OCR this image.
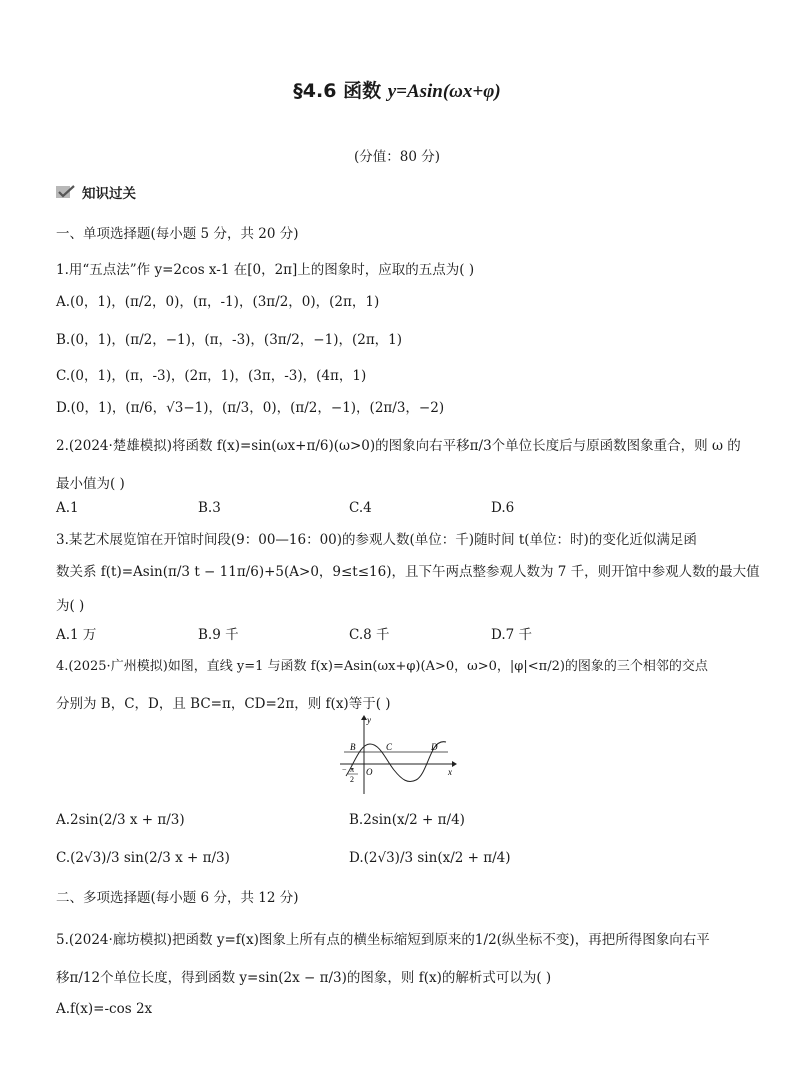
§4.6 函数 y=Asin(ωx+φ)
(分值：80 分)
知识过关
一、单项选择题(每小题 5 分，共 20 分)
1.用“五点法”作 y=2cos x-1 在[0，2π]上的图象时，应取的五点为( )
A.(0，1)，(π/2，0)，(π，-1)，(3π/2，0)，(2π，1)
B.(0，1)，(π/2，−1)，(π，-3)，(3π/2，−1)，(2π，1)
C.(0，1)，(π，-3)，(2π，1)，(3π，-3)，(4π，1)
D.(0，1)，(π/6，√3−1)，(π/3，0)，(π/2，−1)，(2π/3，−2)
2.(2024·楚雄模拟)将函数 f(x)=sin(ωx+π/6)(ω>0)的图象向右平移π/3个单位长度后与原函数图象重合，则 ω 的
最小值为( )
A.1	B.3	C.4	D.6
3.某艺术展览馆在开馆时间段(9：00—16：00)的参观人数(单位：千)随时间 t(单位：时)的变化近似满足函
数关系 f(t)=Asin(π/3 t − 11π/6)+5(A>0，9≤t≤16)，且下午两点整参观人数为 7 千，则开馆中参观人数的最大值
为( )
A.1 万	B.9 千	C.8 千	D.7 千
4.(2025·广州模拟)如图，直线 y=1 与函数 f(x)=Asin(ωx+φ)(A>0，ω>0，|φ|<π/2)的图象的三个相邻的交点
分别为 B，C，D，且 BC=π，CD=2π，则 f(x)等于( )
y
x
O
B	C	D
− π
2
A.2sin(2/3 x + π/3)	B.2sin(x/2 + π/4)
C.(2√3)/3 sin(2/3 x + π/3)	D.(2√3)/3 sin(x/2 + π/4)
二、多项选择题(每小题 6 分，共 12 分)
5.(2024·廊坊模拟)把函数 y=f(x)图象上所有点的横坐标缩短到原来的1/2(纵坐标不变)，再把所得图象向右平
移π/12个单位长度，得到函数 y=sin(2x − π/3)的图象，则 f(x)的解析式可以为( )
A.f(x)=-cos 2x
